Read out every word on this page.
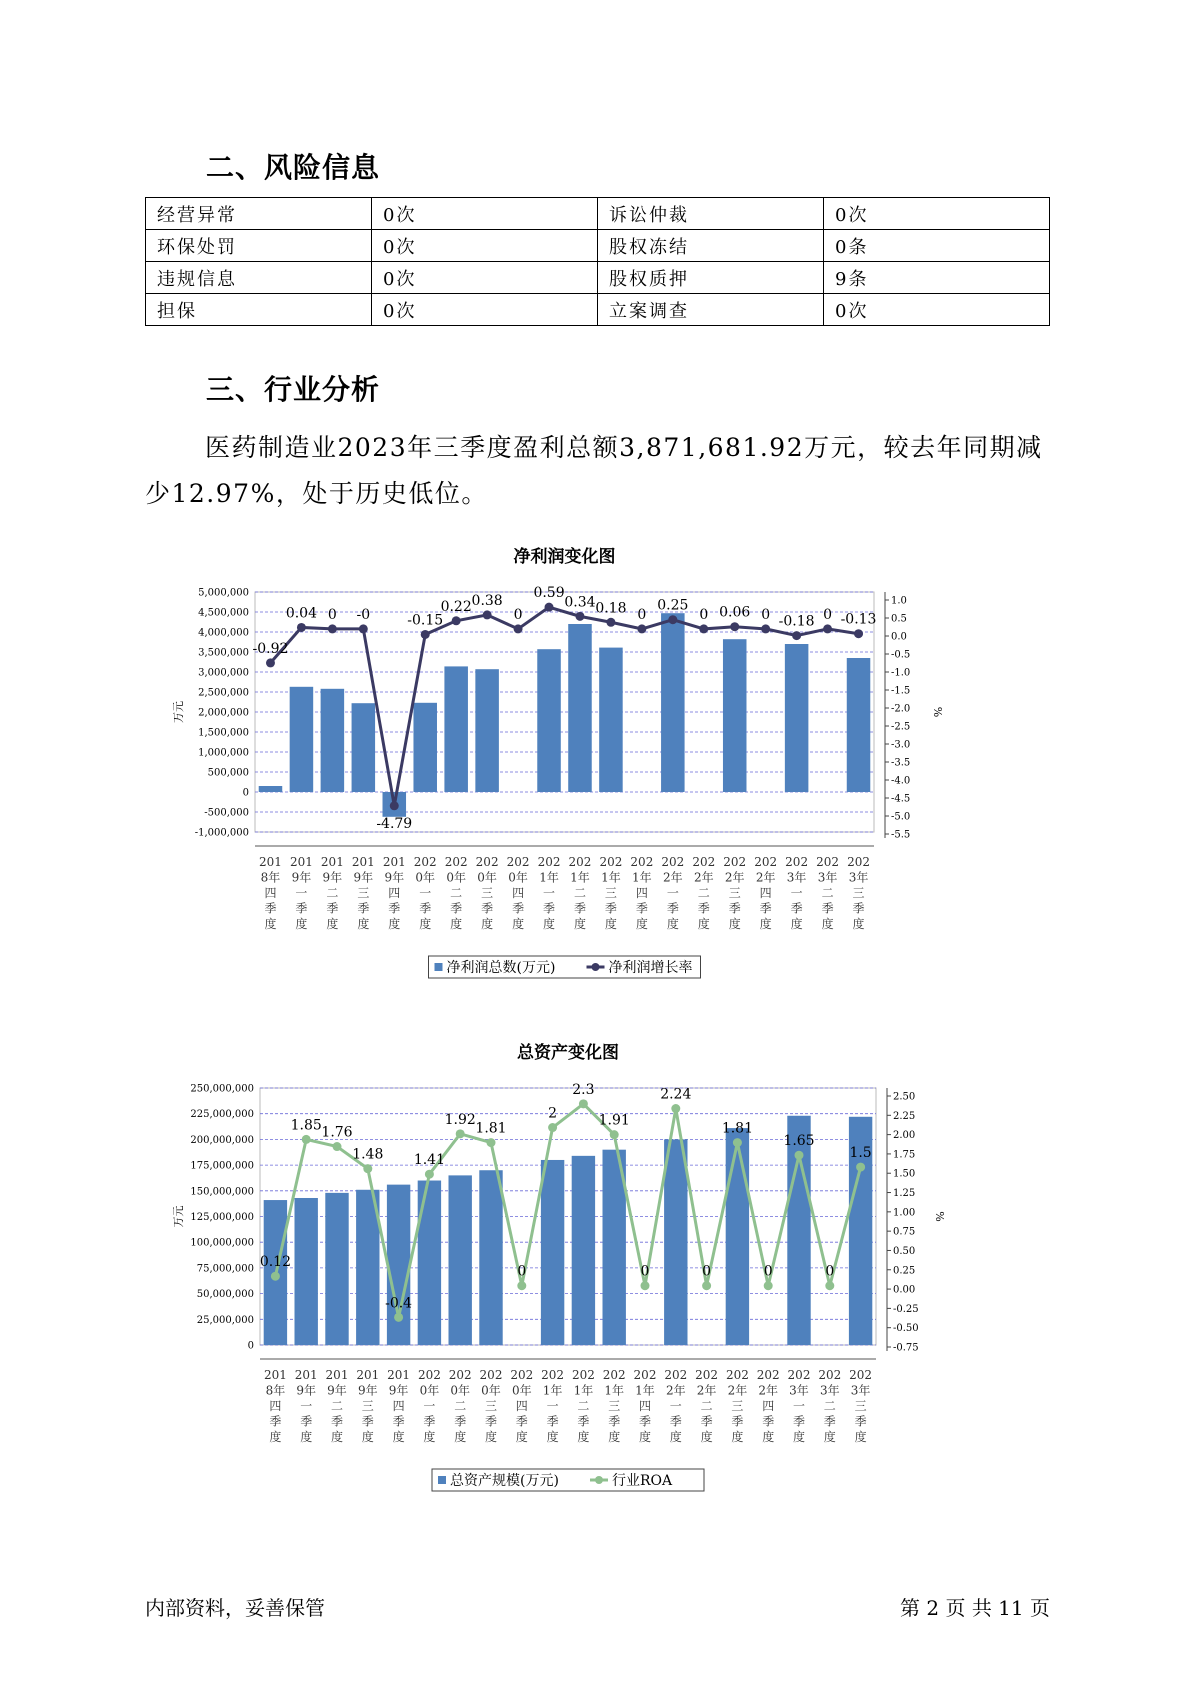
二、风险信息
经营异常	0次	诉讼仲裁	0次
环保处罚	0次	股权冻结	0条
违规信息	0次	股权质押	9条
担保	0次	立案调查	0次
三、行业分析

医药制造业2023年三季度盈利总额3,871,681.92万元，较去年同期减少12.97%，处于历史低位。

净利润变化图
5,000,000
4,500,000
4,000,000
3,500,000
3,000,000
2,500,000
2,000,000
1,500,000
1,000,000
500,000
0
-500,000
-1,000,000
1.0
0.5
0.0
-0.5
-1.0
-1.5
-2.0
-2.5
-3.0
-3.5
-4.0
-4.5
-5.0
-5.5
万元	%
-0.92
0.04 0 -0
-4.79
-0.15
0.22 0.38
0
0.59
0.34 0.18 0
0.25
0 0.06 0 -0.18 0 -0.13
201
8年
四
季
度
201
9年
一
季
度
201
9年
二
季
度
201
9年
三
季
度
201
9年
四
季
度
202
0年
一
季
度
202
0年
二
季
度
202
0年
三
季
度
202
0年
四
季
度
202
1年
一
季
度
202
1年
二
季
度
202
1年
三
季
度
202
1年
四
季
度
202
2年
一
季
度
202
2年
二
季
度
202
2年
三
季
度
202
2年
四
季
度
202
3年
一
季
度
202
3年
二
季
度
202
3年
三
季
度
净利润总数(万元)	净利润增长率
总资产变化图
250,000,000
225,000,000
200,000,000
175,000,000
150,000,000
125,000,000
100,000,000
75,000,000
50,000,000
25,000,000
0
2.50
2.25
2.00
1.75
1.50
1.25
1.00
0.75
0.50
0.25
0.00
-0.25
-0.50
-0.75
万元	%
0.12
1.85 1.76
1.48
-0.4
1.41
1.92
1.81
0
2
2.3
1.91
0
2.24
0
1.81
0
1.65
0
1.5
201
8年
四
季
度
201
9年
一
季
度
201
9年
二
季
度
201
9年
三
季
度
201
9年
四
季
度
202
0年
一
季
度
202
0年
二
季
度
202
0年
三
季
度
202
0年
四
季
度
202
1年
一
季
度
202
1年
二
季
度
202
1年
三
季
度
202
1年
四
季
度
202
2年
一
季
度
202
2年
二
季
度
202
2年
三
季
度
202
2年
四
季
度
202
3年
一
季
度
202
3年
二
季
度
202
3年
三
季
度
总资产规模(万元)	行业ROA
内部资料，妥善保管	第 2 页 共 11 页
